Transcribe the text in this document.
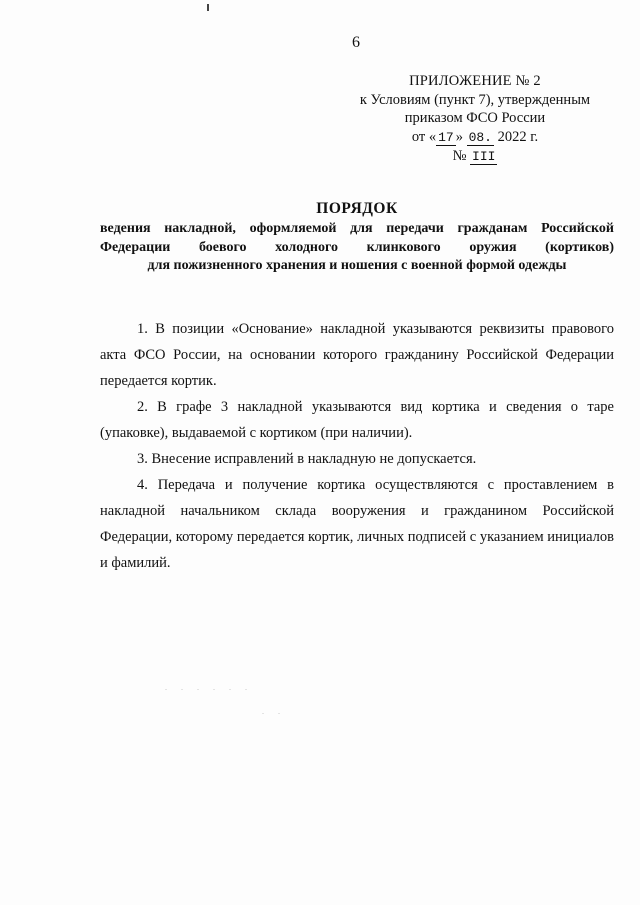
6
ПРИЛОЖЕНИЕ № 2
к Условиям (пункт 7), утвержденным
приказом ФСО России
от « 17 » 08. 2022 г.
№ III
ПОРЯДОК
ведения накладной, оформляемой для передачи гражданам Российской
Федерации боевого холодного клинкового оружия (кортиков)
для пожизненного хранения и ношения с военной формой одежды

1. В позиции «Основание» накладной указываются реквизиты правового акта ФСО России, на основании которого гражданину Российской Федерации передается кортик.

2. В графе 3 накладной указываются вид кортика и сведения о таре (упаковке), выдаваемой с кортиком (при наличии).

3. Внесение исправлений в накладную не допускается.

4. Передача и получение кортика осуществляются с проставлением в накладной начальником склада вооружения и гражданином Российской Федерации, которому передается кортик, личных подписей с указанием инициалов и фамилий.

. . . . . .
. .
